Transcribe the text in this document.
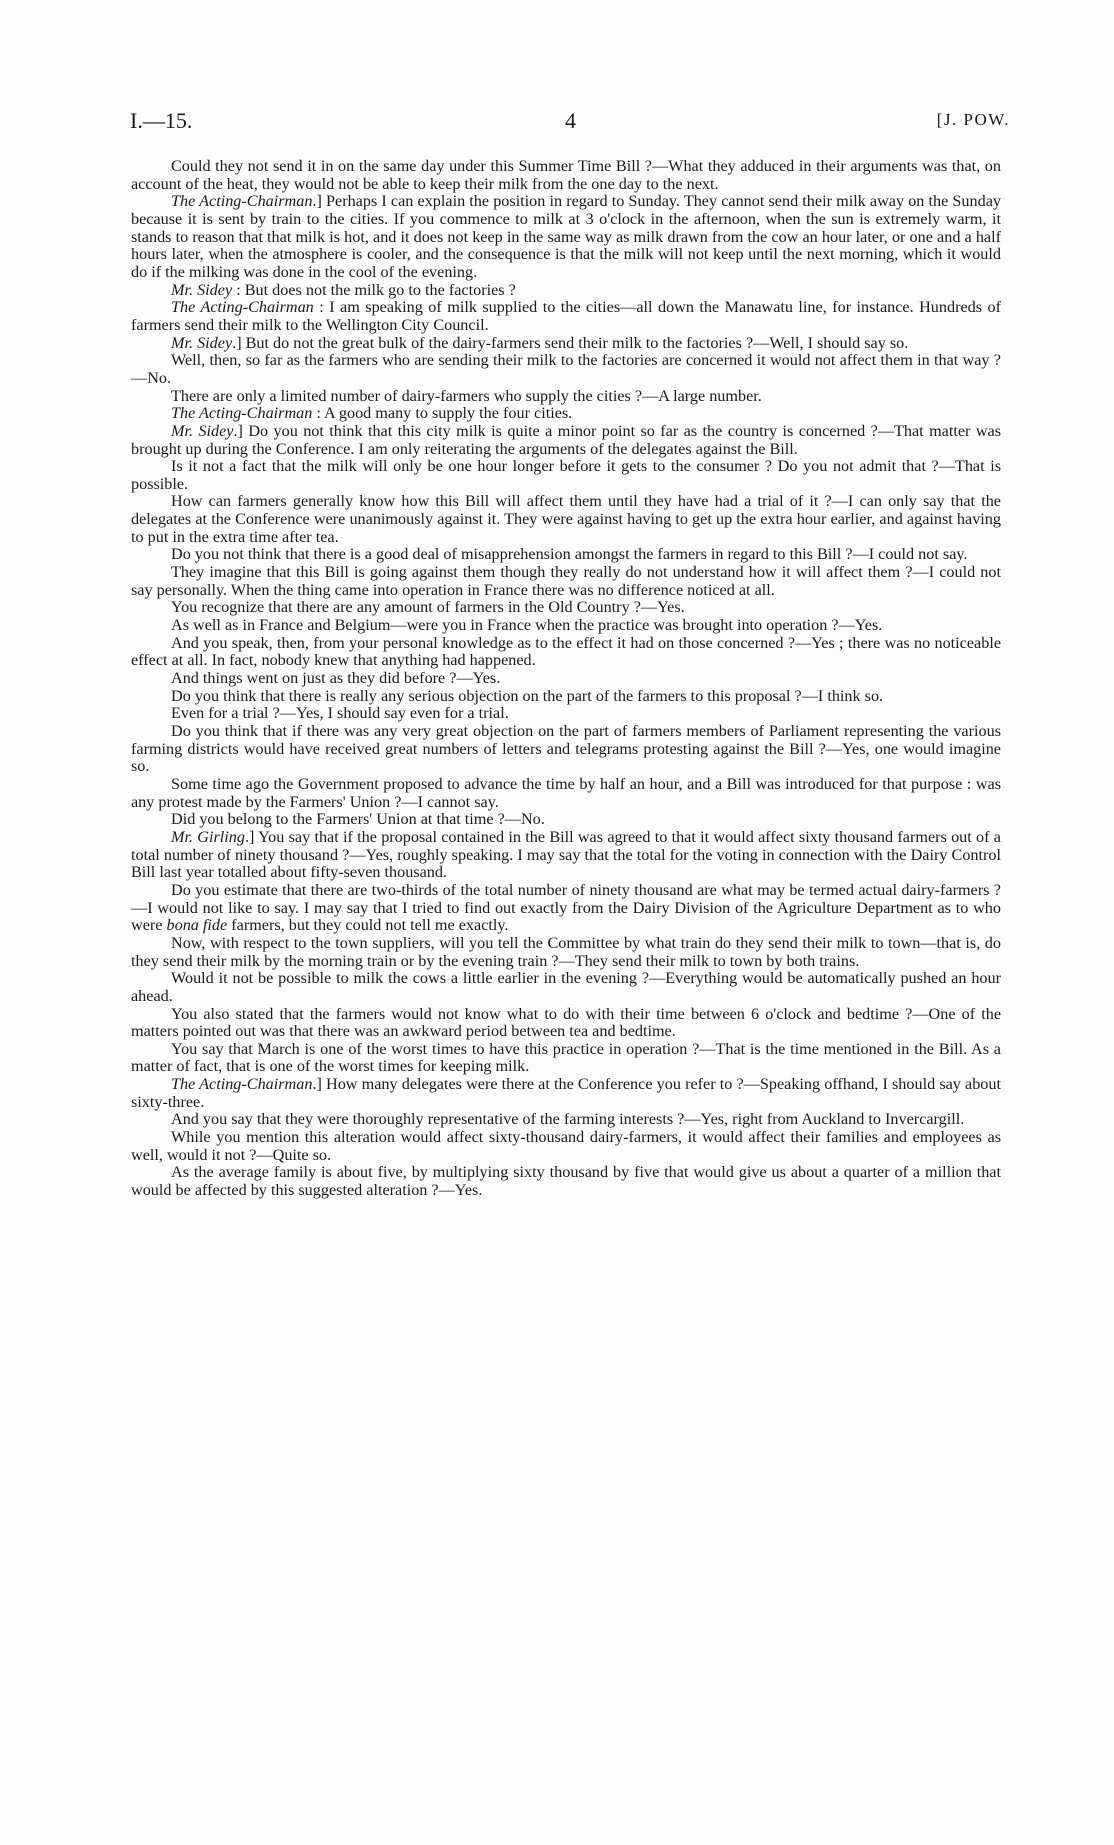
I.—15.	4	[J. POW.

Could they not send it in on the same day under this Summer Time Bill ?—What they adduced in their arguments was that, on account of the heat, they would not be able to keep their milk from the one day to the next.

The Acting-Chairman.] Perhaps I can explain the position in regard to Sunday. They cannot send their milk away on the Sunday because it is sent by train to the cities. If you commence to milk at 3 o'clock in the afternoon, when the sun is extremely warm, it stands to reason that that milk is hot, and it does not keep in the same way as milk drawn from the cow an hour later, or one and a half hours later, when the atmosphere is cooler, and the consequence is that the milk will not keep until the next morning, which it would do if the milking was done in the cool of the evening.

Mr. Sidey : But does not the milk go to the factories ?

The Acting-Chairman : I am speaking of milk supplied to the cities—all down the Manawatu line, for instance. Hundreds of farmers send their milk to the Wellington City Council.

Mr. Sidey.] But do not the great bulk of the dairy-farmers send their milk to the factories ?—Well, I should say so.

Well, then, so far as the farmers who are sending their milk to the factories are concerned it would not affect them in that way ?—No.

There are only a limited number of dairy-farmers who supply the cities ?—A large number.

The Acting-Chairman : A good many to supply the four cities.

Mr. Sidey.] Do you not think that this city milk is quite a minor point so far as the country is concerned ?—That matter was brought up during the Conference. I am only reiterating the arguments of the delegates against the Bill.

Is it not a fact that the milk will only be one hour longer before it gets to the consumer ? Do you not admit that ?—That is possible.

How can farmers generally know how this Bill will affect them until they have had a trial of it ?—I can only say that the delegates at the Conference were unanimously against it. They were against having to get up the extra hour earlier, and against having to put in the extra time after tea.

Do you not think that there is a good deal of misapprehension amongst the farmers in regard to this Bill ?—I could not say.

They imagine that this Bill is going against them though they really do not understand how it will affect them ?—I could not say personally. When the thing came into operation in France there was no difference noticed at all.

You recognize that there are any amount of farmers in the Old Country ?—Yes.

As well as in France and Belgium—were you in France when the practice was brought into operation ?—Yes.

And you speak, then, from your personal knowledge as to the effect it had on those concerned ?—Yes ; there was no noticeable effect at all. In fact, nobody knew that anything had happened.

And things went on just as they did before ?—Yes.

Do you think that there is really any serious objection on the part of the farmers to this proposal ?—I think so.

Even for a trial ?—Yes, I should say even for a trial.

Do you think that if there was any very great objection on the part of farmers members of Parliament representing the various farming districts would have received great numbers of letters and telegrams protesting against the Bill ?—Yes, one would imagine so.

Some time ago the Government proposed to advance the time by half an hour, and a Bill was introduced for that purpose : was any protest made by the Farmers' Union ?—I cannot say.

Did you belong to the Farmers' Union at that time ?—No.

Mr. Girling.] You say that if the proposal contained in the Bill was agreed to that it would affect sixty thousand farmers out of a total number of ninety thousand ?—Yes, roughly speaking. I may say that the total for the voting in connection with the Dairy Control Bill last year totalled about fifty-seven thousand.

Do you estimate that there are two-thirds of the total number of ninety thousand are what may be termed actual dairy-farmers ?—I would not like to say. I may say that I tried to find out exactly from the Dairy Division of the Agriculture Department as to who were bona fide farmers, but they could not tell me exactly.

Now, with respect to the town suppliers, will you tell the Committee by what train do they send their milk to town—that is, do they send their milk by the morning train or by the evening train ?—They send their milk to town by both trains.

Would it not be possible to milk the cows a little earlier in the evening ?—Everything would be automatically pushed an hour ahead.

You also stated that the farmers would not know what to do with their time between 6 o'clock and bedtime ?—One of the matters pointed out was that there was an awkward period between tea and bedtime.

You say that March is one of the worst times to have this practice in operation ?—That is the time mentioned in the Bill. As a matter of fact, that is one of the worst times for keeping milk.

The Acting-Chairman.] How many delegates were there at the Conference you refer to ?—Speaking offhand, I should say about sixty-three.

And you say that they were thoroughly representative of the farming interests ?—Yes, right from Auckland to Invercargill.

While you mention this alteration would affect sixty-thousand dairy-farmers, it would affect their families and employees as well, would it not ?—Quite so.

As the average family is about five, by multiplying sixty thousand by five that would give us about a quarter of a million that would be affected by this suggested alteration ?—Yes.
